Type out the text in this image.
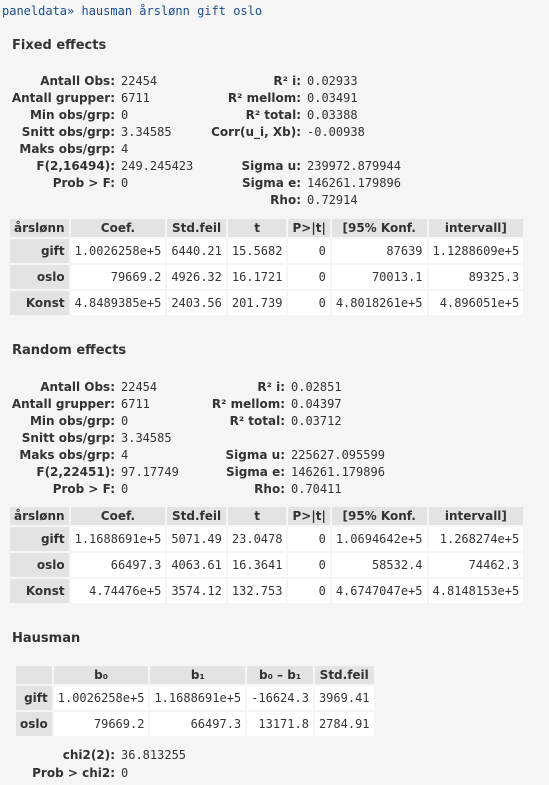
paneldata» hausman årslønn gift oslo
Fixed effects
Antall Obs: 22454
Antall grupper: 6711
Min obs/grp: 0
Snitt obs/grp: 3.34585
Maks obs/grp: 4
F(2,16494): 249.245423
Prob > F: 0
R² i: 0.02933
R² mellom: 0.03491
R² total: 0.03388
Corr(u_i, Xb): -0.00938
Sigma u: 239972.879944
Sigma e: 146261.179896
Rho: 0.72914
årslønn	Coef.	Std.feil	t	P>|t|	[95% Konf.	intervall]
gift	1.0026258e+5	6440.21	15.5682	0	87639	1.1288609e+5
oslo	79669.2	4926.32	16.1721	0	70013.1	89325.3
Konst	4.8489385e+5	2403.56	201.739	0	4.8018261e+5	4.896051e+5
Random effects
Antall Obs: 22454
Antall grupper: 6711
Min obs/grp: 0
Snitt obs/grp: 3.34585
Maks obs/grp: 4
F(2,22451): 97.17749
Prob > F: 0
R² i: 0.02851
R² mellom: 0.04397
R² total: 0.03712
Sigma u: 225627.095599
Sigma e: 146261.179896
Rho: 0.70411
årslønn	Coef.	Std.feil	t	P>|t|	[95% Konf.	intervall]
gift	1.1688691e+5	5071.49	23.0478	0	1.0694642e+5	1.268274e+5
oslo	66497.3	4063.61	16.3641	0	58532.4	74462.3
Konst	4.74476e+5	3574.12	132.753	0	4.6747047e+5	4.8148153e+5
Hausman
	b₀	b₁	b₀ – b₁	Std.feil
gift	1.0026258e+5	1.1688691e+5	-16624.3	3969.41
oslo	79669.2	66497.3	13171.8	2784.91
chi2(2): 36.813255
Prob > chi2: 0
